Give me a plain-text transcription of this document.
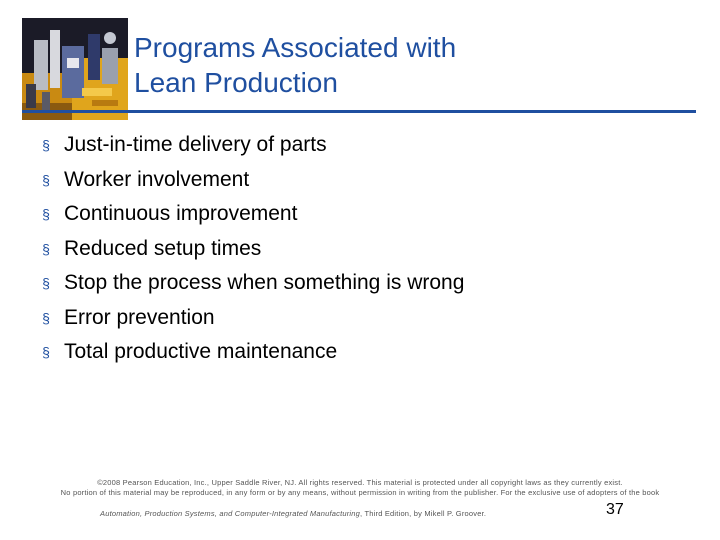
Programs Associated with
Lean Production
§ Just-in-time delivery of parts
§ Worker involvement
§ Continuous improvement
§ Reduced setup times
§ Stop the process when something is wrong
§ Error prevention
§ Total productive maintenance
©2008 Pearson Education, Inc., Upper Saddle River, NJ. All rights reserved. This material is protected under all copyright laws as they currently exist.
No portion of this material may be reproduced, in any form or by any means, without permission in writing from the publisher. For the exclusive use of adopters of the book
Automation, Production Systems, and Computer-Integrated Manufacturing, Third Edition, by Mikell P. Groover.	37
